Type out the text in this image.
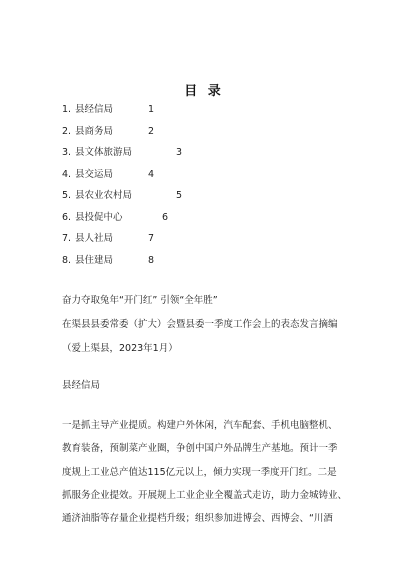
目 录
1. 县经信局	1
2. 县商务局	2
3. 县文体旅游局	3
4. 县交运局	4
5. 县农业农村局	5
6. 县投促中心	6
7. 县人社局	7
8. 县住建局	8
奋力夺取兔年“开门红” 引领“全年胜”
在渠县县委常委（扩大）会暨县委一季度工作会上的表态发言摘编
（爱上渠县，2023年1月）
县经信局
一是抓主导产业提质。构建户外休闲，汽车配套、手机电脑整机、
教育装备，预制菜产业圈，争创中国户外品牌生产基地。预计一季
度规上工业总产值达115亿元以上，倾力实现一季度开门红。二是
抓服务企业提效。开展规上工业企业全覆盖式走访，助力金城铸业、
通济油脂等存量企业提档升级；组织参加进博会、西博会、“川酒
